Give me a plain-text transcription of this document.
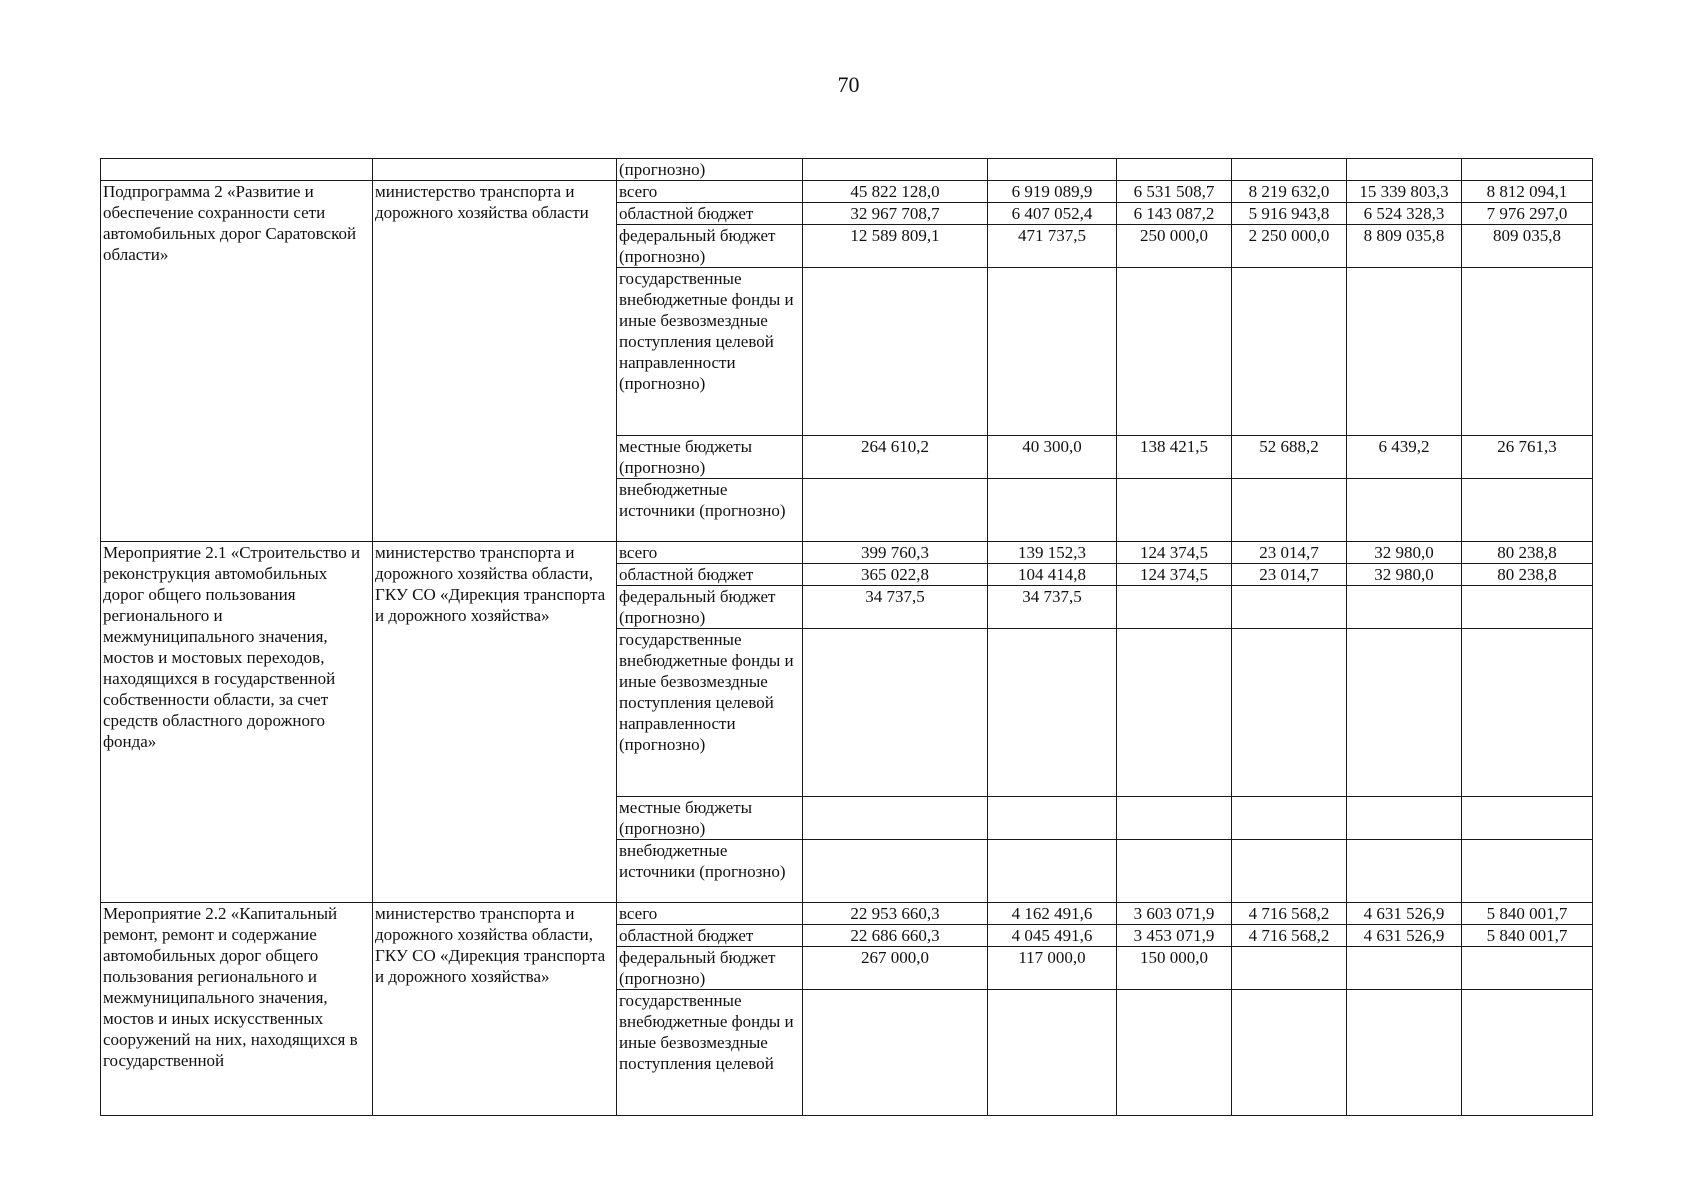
70
		(прогнозно)						
Подпрограмма 2 «Развитие и обеспечение сохранности сети автомобильных дорог Саратовской области»	министерство транспорта и дорожного хозяйства области	всего	45 822 128,0	6 919 089,9	6 531 508,7	8 219 632,0	15 339 803,3	8 812 094,1
		областной бюджет	32 967 708,7	6 407 052,4	6 143 087,2	5 916 943,8	6 524 328,3	7 976 297,0
		федеральный бюджет (прогнозно)	12 589 809,1	471 737,5	250 000,0	2 250 000,0	8 809 035,8	809 035,8
		государственные внебюджетные фонды и иные безвозмездные поступления целевой направленности (прогнозно)						
		местные бюджеты (прогнозно)	264 610,2	40 300,0	138 421,5	52 688,2	6 439,2	26 761,3
		внебюджетные источники (прогнозно)						
Мероприятие 2.1 «Строительство и реконструкция автомобильных дорог общего пользования регионального и межмуниципального значения, мостов и мостовых переходов, находящихся в государственной собственности области, за счет средств областного дорожного фонда»	министерство транспорта и дорожного хозяйства области, ГКУ СО «Дирекция транспорта и дорожного хозяйства»	всего	399 760,3	139 152,3	124 374,5	23 014,7	32 980,0	80 238,8
		областной бюджет	365 022,8	104 414,8	124 374,5	23 014,7	32 980,0	80 238,8
		федеральный бюджет (прогнозно)	34 737,5	34 737,5				
		государственные внебюджетные фонды и иные безвозмездные поступления целевой направленности (прогнозно)						
		местные бюджеты (прогнозно)						
		внебюджетные источники (прогнозно)						
Мероприятие 2.2 «Капитальный ремонт, ремонт и содержание автомобильных дорог общего пользования регионального и межмуниципального значения, мостов и иных искусственных сооружений на них, находящихся в государственной	министерство транспорта и дорожного хозяйства области, ГКУ СО «Дирекция транспорта и дорожного хозяйства»	всего	22 953 660,3	4 162 491,6	3 603 071,9	4 716 568,2	4 631 526,9	5 840 001,7
		областной бюджет	22 686 660,3	4 045 491,6	3 453 071,9	4 716 568,2	4 631 526,9	5 840 001,7
		федеральный бюджет (прогнозно)	267 000,0	117 000,0	150 000,0			
		государственные внебюджетные фонды и иные безвозмездные поступления целевой						
